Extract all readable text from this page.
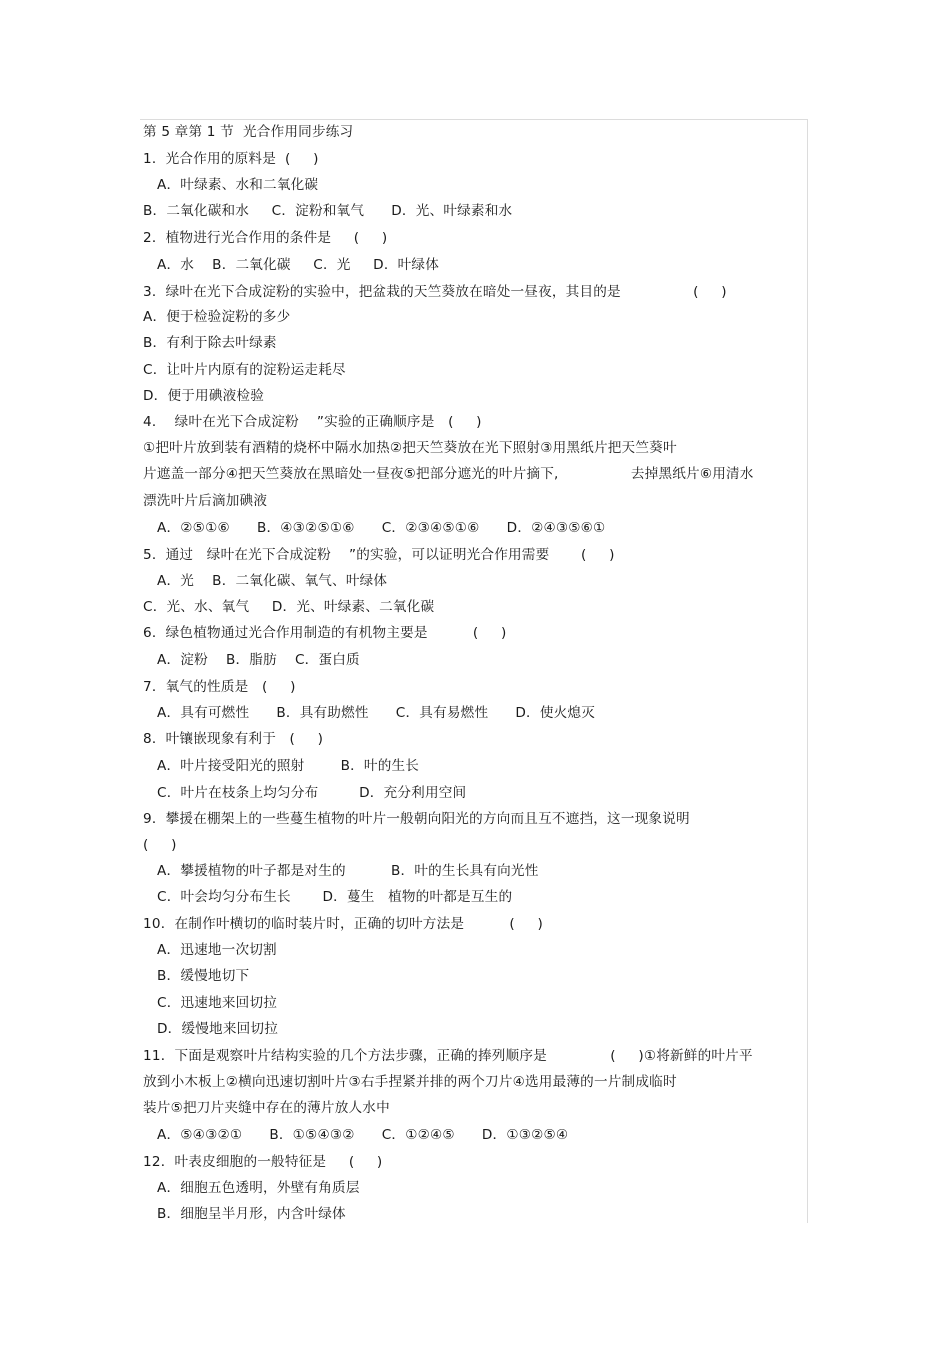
第 5 章第 1 节  光合作用同步练习
1．光合作用的原料是  (     )
A．叶绿素、水和二氧化碳
B．二氧化碳和水     C．淀粉和氧气      D．光、叶绿素和水
2．植物进行光合作用的条件是     (     )
A．水    B．二氧化碳     C．光     D．叶绿体
3．绿叶在光下合成淀粉的实验中，把盆栽的天竺葵放在暗处一昼夜，其目的是                (     )
A．便于检验淀粉的多少
B．有利于除去叶绿素
C．让叶片内原有的淀粉运走耗尽
D．便于用碘液检验
4．  绿叶在光下合成淀粉    ”实验的正确顺序是   (     )
①把叶片放到装有酒精的烧杯中隔水加热②把天竺葵放在光下照射③用黑纸片把天竺葵叶
片遮盖一部分④把天竺葵放在黑暗处一昼夜⑤把部分遮光的叶片摘下,                去掉黑纸片⑥用清水
漂洗叶片后滴加碘液
A．②⑤①⑥      B．④③②⑤①⑥      C．②③④⑤①⑥      D．②④③⑤⑥①
5．通过   绿叶在光下合成淀粉    ”的实验，可以证明光合作用需要       (     )
A．光    B．二氧化碳、氧气、叶绿体
C．光、水、氧气     D．光、叶绿素、二氧化碳
6．绿色植物通过光合作用制造的有机物主要是          (     )
A．淀粉    B．脂肪    C．蛋白质
7．氧气的性质是   (     )
A．具有可燃性      B．具有助燃性      C．具有易燃性      D．使火熄灭
8．叶镶嵌现象有利于   (     )
A．叶片接受阳光的照射        B．叶的生长
C．叶片在枝条上均匀分布         D．充分利用空间
9．攀援在棚架上的一些蔓生植物的叶片一般朝向阳光的方向而且互不遮挡，这一现象说明
(     )
A．攀援植物的叶子都是对生的          B．叶的生长具有向光性
C．叶会均匀分布生长       D．蔓生   植物的叶都是互生的
10．在制作叶横切的临时装片时，正确的切叶方法是          (     )
A．迅速地一次切割
B．缓慢地切下
C．迅速地来回切拉
D．缓慢地来回切拉
11．下面是观察叶片结构实验的几个方法步骤，正确的捧列顺序是              (     )①将新鲜的叶片平
放到小木板上②横向迅速切割叶片③右手捏紧并排的两个刀片④选用最薄的一片制成临时
装片⑤把刀片夹缝中存在的薄片放人水中
A．⑤④③②①      B．①⑤④③②      C．①②④⑤      D．①③②⑤④
12．叶表皮细胞的一般特征是     (     )
A．细胞五色透明，外壁有角质层
B．细胞呈半月形，内含叶绿体
